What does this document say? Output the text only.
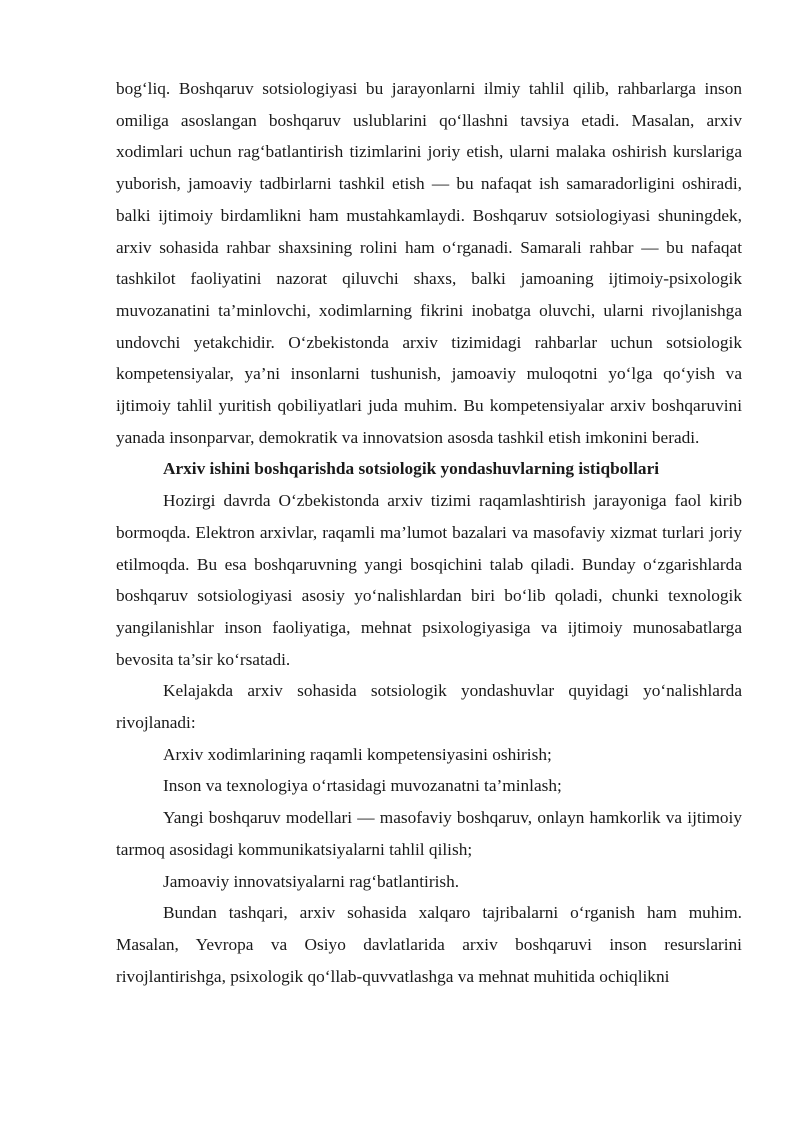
bog‘liq. Boshqaruv sotsiologiyasi bu jarayonlarni ilmiy tahlil qilib, rahbarlarga inson omiliga asoslangan boshqaruv uslublarini qo‘llashni tavsiya etadi. Masalan, arxiv xodimlari uchun rag‘batlantirish tizimlarini joriy etish, ularni malaka oshirish kurslariga yuborish, jamoaviy tadbirlarni tashkil etish — bu nafaqat ish samaradorligini oshiradi, balki ijtimoiy birdamlikni ham mustahkamlaydi. Boshqaruv sotsiologiyasi shuningdek, arxiv sohasida rahbar shaxsining rolini ham o‘rganadi. Samarali rahbar — bu nafaqat tashkilot faoliyatini nazorat qiluvchi shaxs, balki jamoaning ijtimoiy-psixologik muvozanatini ta’minlovchi, xodimlarning fikrini inobatga oluvchi, ularni rivojlanishga undovchi yetakchidir. O‘zbekistonda arxiv tizimidagi rahbarlar uchun sotsiologik kompetensiyalar, ya’ni insonlarni tushunish, jamoaviy muloqotni yo‘lga qo‘yish va ijtimoiy tahlil yuritish qobiliyatlari juda muhim. Bu kompetensiyalar arxiv boshqaruvini yanada insonparvar, demokratik va innovatsion asosda tashkil etish imkonini beradi.

Arxiv ishini boshqarishda sotsiologik yondashuvlarning istiqbollari

Hozirgi davrda O‘zbekistonda arxiv tizimi raqamlashtirish jarayoniga faol kirib bormoqda. Elektron arxivlar, raqamli ma’lumot bazalari va masofaviy xizmat turlari joriy etilmoqda. Bu esa boshqaruvning yangi bosqichini talab qiladi. Bunday o‘zgarishlarda boshqaruv sotsiologiyasi asosiy yo‘nalishlardan biri bo‘lib qoladi, chunki texnologik yangilanishlar inson faoliyatiga, mehnat psixologiyasiga va ijtimoiy munosabatlarga bevosita ta’sir ko‘rsatadi.

Kelajakda arxiv sohasida sotsiologik yondashuvlar quyidagi yo‘nalishlarda rivojlanadi:

Arxiv xodimlarining raqamli kompetensiyasini oshirish;

Inson va texnologiya o‘rtasidagi muvozanatni ta’minlash;

Yangi boshqaruv modellari — masofaviy boshqaruv, onlayn hamkorlik va ijtimoiy tarmoq asosidagi kommunikatsiyalarni tahlil qilish;

Jamoaviy innovatsiyalarni rag‘batlantirish.

Bundan tashqari, arxiv sohasida xalqaro tajribalarni o‘rganish ham muhim. Masalan, Yevropa va Osiyo davlatlarida arxiv boshqaruvi inson resurslarini rivojlantirishga, psixologik qo‘llab-quvvatlashga va mehnat muhitida ochiqlikni
